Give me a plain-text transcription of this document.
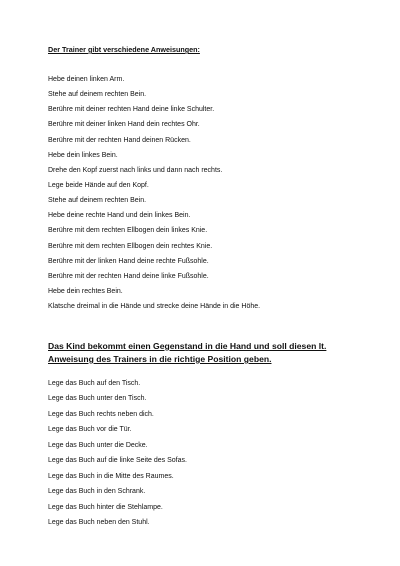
Der Trainer gibt verschiedene Anweisungen:
Hebe deinen linken Arm.
Stehe auf deinem rechten Bein.
Berühre mit deiner rechten Hand deine linke Schulter.
Berühre mit deiner linken Hand dein rechtes Ohr.
Berühre mit der rechten Hand deinen Rücken.
Hebe dein linkes Bein.
Drehe den Kopf zuerst nach links und dann nach rechts.
Lege beide Hände auf den Kopf.
Stehe auf deinem rechten Bein.
Hebe deine rechte Hand und dein linkes Bein.
Berühre mit dem rechten Ellbogen dein linkes Knie.
Berühre mit dem rechten Ellbogen dein rechtes Knie.
Berühre mit der linken Hand deine rechte Fußsohle.
Berühre mit der rechten Hand deine linke Fußsohle.
Hebe dein rechtes Bein.
Klatsche dreimal in die Hände und strecke deine Hände in die Höhe.
Das Kind bekommt einen Gegenstand in die Hand und soll diesen lt.
Anweisung des Trainers in die richtige Position geben.
Lege das Buch auf den Tisch.
Lege das Buch unter den Tisch.
Lege das Buch rechts neben dich.
Lege das Buch vor die Tür.
Lege das Buch unter die Decke.
Lege das Buch auf die linke Seite des Sofas.
Lege das Buch in die Mitte des Raumes.
Lege das Buch in den Schrank.
Lege das Buch hinter die Stehlampe.
Lege das Buch neben den Stuhl.
